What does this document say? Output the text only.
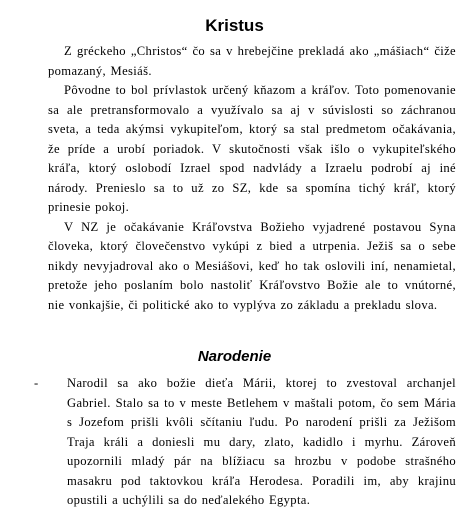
Kristus

Z gréckeho „Christos“ čo sa v hrebejčine prekladá ako „mášiach“ čiže pomazaný, Mesiáš.

Pôvodne to bol prívlastok určený kňazom a kráľov. Toto pomenovanie sa ale pretransformovalo a využívalo sa aj v súvislosti so záchranou sveta, a teda akýmsi vykupiteľom, ktorý sa stal predmetom očakávania, že príde a urobí poriadok. V skutočnosti však išlo o vykupiteľského kráľa, ktorý oslobodí Izrael spod nadvlády a Izraelu podrobí aj iné národy. Prenieslo sa to už zo SZ, kde sa spomína tichý kráľ, ktorý prinesie pokoj.

V NZ je očakávanie Kráľovstva Božieho vyjadrené postavou Syna človeka, ktorý človečenstvo vykúpi z bied a utrpenia. Ježiš sa o sebe nikdy nevyjadroval ako o Mesiášovi, keď ho tak oslovili iní, nenamietal, pretože jeho poslaním bolo nastoliť Kráľovstvo Božie ale to vnútorné, nie vonkajšie, či politické ako to vyplýva zo základu a prekladu slova.

Narodenie
-	Narodil sa ako božie dieťa Márii, ktorej to zvestoval archanjel Gabriel. Stalo sa to v meste Betlehem v maštali potom, čo sem Mária s Jozefom prišli kvôli sčítaniu ľudu. Po narodení prišli za Ježišom Traja králi a doniesli mu dary, zlato, kadidlo i myrhu. Zároveň upozornili mladý pár na blížiacu sa hrozbu v podobe strašného masakru pod taktovkou kráľa Herodesa. Poradili im, aby krajinu opustili a uchýlili sa do neďalekého Egypta.
